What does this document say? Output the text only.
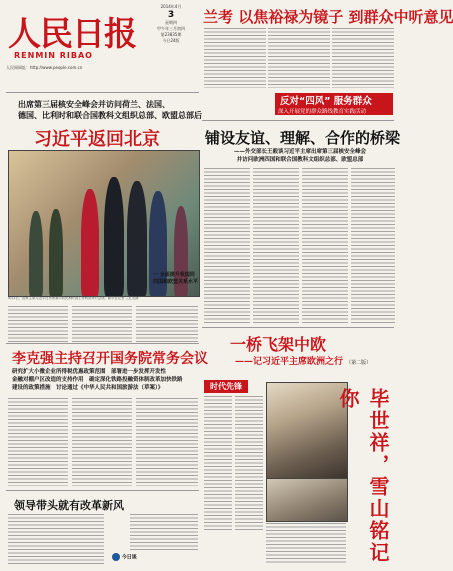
人民日报
RENMIN RIBAO
人民网网址：http://www.people.com.cn
2014年4月
3
星期四
甲午年三月初四
第23835期
今日24版
兰考 以焦裕禄为镜子 到群众中听意见
出席第三届核安全峰会并访问荷兰、法国、
德国、比利时和联合国教科文组织总部、欧盟总部后
习近平返回北京
4月1日，国家主席习近平在布鲁塞尔同比利时国王菲利普举行会谈。新华社记者 兰红光摄
一 全面提升我国同
四国和欧盟关系水平
反对“四风” 服务群众
深入开展党的群众路线教育实践活动
铺设友谊、理解、合作的桥梁
——外交部长王毅谈习近平主席出席第三届核安全峰会
并访问欧洲四国和联合国教科文组织总部、欧盟总部
李克强主持召开国务院常务会议
研究扩大小微企业所得税优惠政策范围　部署进一步发挥开发性
金融对棚户区改造的支持作用　确定深化铁路投融资体制改革加快铁路
建设的政策措施　讨论通过《中华人民共和国旅游法（草案）》
一桥飞架中欧
——记习近平主席欧洲之行 （第二版）
时代先锋
毕世祥，雪山铭记你
领导带头就有改革新风
今日谈
